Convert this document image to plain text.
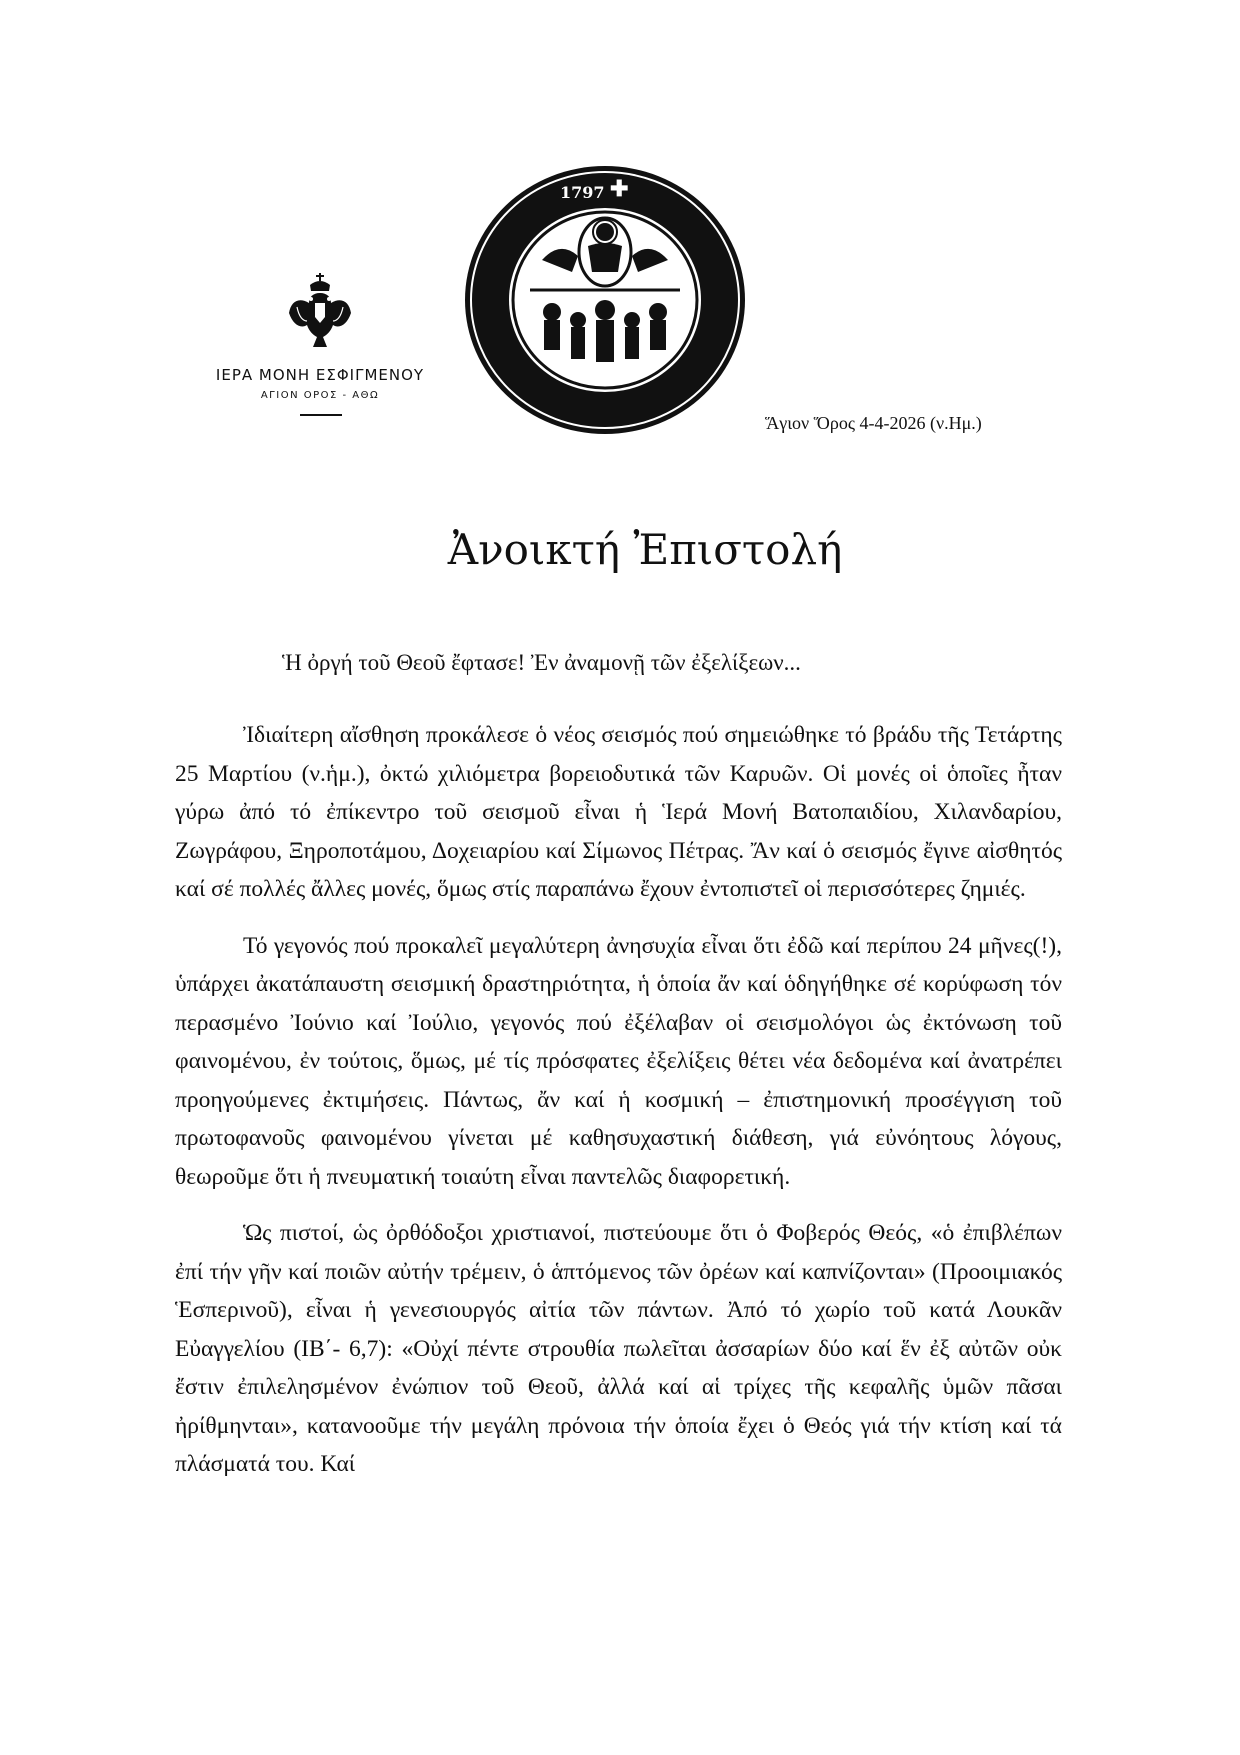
ΙΕΡΑ ΜΟΝΗ ΕΣΦΙΓΜΕΝΟΥ
ΑΓΙΟΝ ΟΡΟΣ - ΑΘΩ
1797 ✚
Ἅγιον Ὅρος 4-4-2026 (ν.Ημ.)
Ἀνοικτή Ἐπιστολή
Ἡ ὀργή τοῦ Θεοῦ ἔφτασε! Ἐν ἀναμονῇ τῶν ἐξελίξεων...

Ἰδιαίτερη αἴσθηση προκάλεσε ὁ νέος σεισμός πού σημειώθηκε τό βράδυ τῆς Τετάρτης 25 Μαρτίου (ν.ἡμ.), ὀκτώ χιλιόμετρα βορειοδυτικά τῶν Καρυῶν. Οἱ μονές οἱ ὁποῖες ἦταν γύρω ἀπό τό ἐπίκεντρο τοῦ σεισμοῦ εἶναι ἡ Ἱερά Μονή Βατοπαιδίου, Χιλανδαρίου, Ζωγράφου, Ξηροποτάμου, Δοχειαρίου καί Σίμωνος Πέτρας. Ἄν καί ὁ σεισμός ἔγινε αἰσθητός καί σέ πολλές ἄλλες μονές, ὅμως στίς παραπάνω ἔχουν ἐντοπιστεῖ οἱ περισσότερες ζημιές.

Τό γεγονός πού προκαλεῖ μεγαλύτερη ἀνησυχία εἶναι ὅτι ἐδῶ καί περίπου 24 μῆνες(!), ὑπάρχει ἀκατάπαυστη σεισμική δραστηριότητα, ἡ ὁποία ἄν καί ὁδηγήθηκε σέ κορύφωση τόν περασμένο Ἰούνιο καί Ἰούλιο, γεγονός πού ἐξέλαβαν οἱ σεισμολόγοι ὡς ἐκτόνωση τοῦ φαινομένου, ἐν τούτοις, ὅμως, μέ τίς πρόσφατες ἐξελίξεις θέτει νέα δεδομένα καί ἀνατρέπει προηγούμενες ἐκτιμήσεις. Πάντως, ἄν καί ἡ κοσμική – ἐπιστημονική προσέγγιση τοῦ πρωτοφανοῦς φαινομένου γίνεται μέ καθησυχαστική διάθεση, γιά εὐνόητους λόγους, θεωροῦμε ὅτι ἡ πνευματική τοιαύτη εἶναι παντελῶς διαφορετική.

Ὡς πιστοί, ὡς ὀρθόδοξοι χριστιανοί, πιστεύουμε ὅτι ὁ Φοβερός Θεός, «ὁ ἐπιβλέπων ἐπί τήν γῆν καί ποιῶν αὐτήν τρέμειν, ὁ ἁπτόμενος τῶν ὀρέων καί καπνίζονται» (Προοιμιακός Ἑσπερινοῦ), εἶναι ἡ γενεσιουργός αἰτία τῶν πάντων. Ἀπό τό χωρίο τοῦ κατά Λουκᾶν Εὐαγγελίου (ΙΒ΄- 6,7): «Οὐχί πέντε στρουθία πωλεῖται ἀσσαρίων δύο καί ἕν ἐξ αὐτῶν οὐκ ἔστιν ἐπιλελησμένον ἐνώπιον τοῦ Θεοῦ, ἀλλά καί αἱ τρίχες τῆς κεφαλῆς ὑμῶν πᾶσαι ἠρίθμηνται», κατανοοῦμε τήν μεγάλη πρόνοια τήν ὁποία ἔχει ὁ Θεός γιά τήν κτίση καί τά πλάσματά του. Καί
